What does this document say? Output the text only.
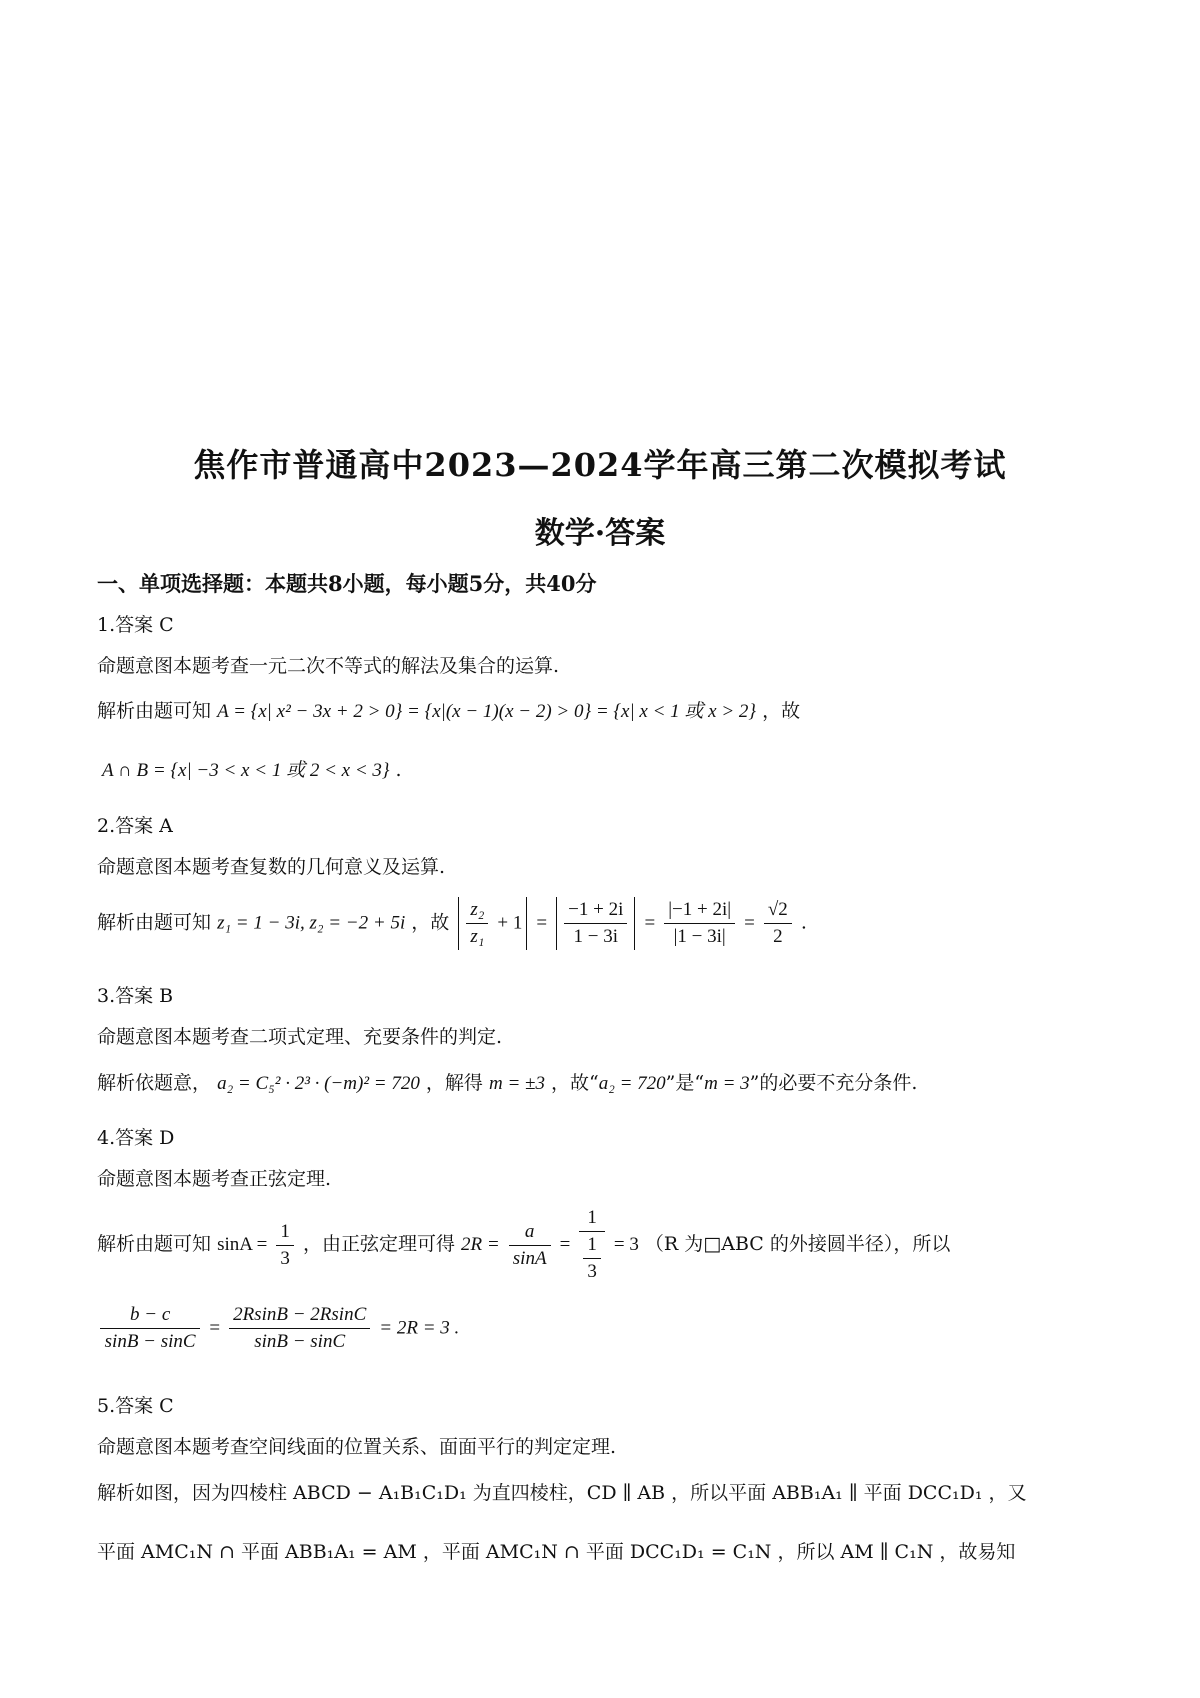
焦作市普通高中2023—2024学年高三第二次模拟考试
数学·答案
一、单项选择题：本题共8小题，每小题5分，共40分
1.答案 C
命题意图本题考查一元二次不等式的解法及集合的运算.
解析由题可知 A = {x| x² − 3x + 2 > 0} = {x|(x − 1)(x − 2) > 0} = {x| x < 1 或 x > 2} ，故
A ∩ B = {x| −3 < x < 1 或 2 < x < 3} .
2.答案 A
命题意图本题考查复数的几何意义及运算.
解析由题可知 z₁ = 1 − 3i, z₂ = −2 + 5i ，故 $\frac{\text{z₂}}{\text{z₁}} + 1 = \frac{-1 + 2i}{1 - 3i} = \frac{|-1 + 2i|}{|1 - 3i|} = \frac{√2}{2}$ .
3.答案 B
命题意图本题考查二项式定理、充要条件的判定.
解析依题意， a₂ = C₅² · 2³ · (−m)² = 720 ，解得 m = ±3 ，故“a₂ = 720”是“m = 3”的必要不充分条件.
4.答案 D
命题意图本题考查正弦定理.
解析由题可知 $\sin A = \frac{1}{3}$ ，由正弦定理可得 $2R = \frac{a}{\sin A} = \frac{1}{\frac{1}{3}} = 3$ （R 为□ABC 的外接圆半径），所以
$\frac{b - c}{\sin B - \sin C} = \frac{2RsinB - 2RsinC}{\sin B - \sin C} = 2R = 3$ .
5.答案 C
命题意图本题考查空间线面的位置关系、面面平行的判定定理.
解析如图，因为四棱柱 ABCD − A₁B₁C₁D₁ 为直四棱柱，CD ∥ AB ，所以平面 ABB₁A₁ ∥ 平面 DCC₁D₁ ，又
平面 AMC₁N ∩ 平面 ABB₁A₁ = AM ，平面 AMC₁N ∩ 平面 DCC₁D₁ = C₁N ，所以 AM ∥ C₁N ，故易知
